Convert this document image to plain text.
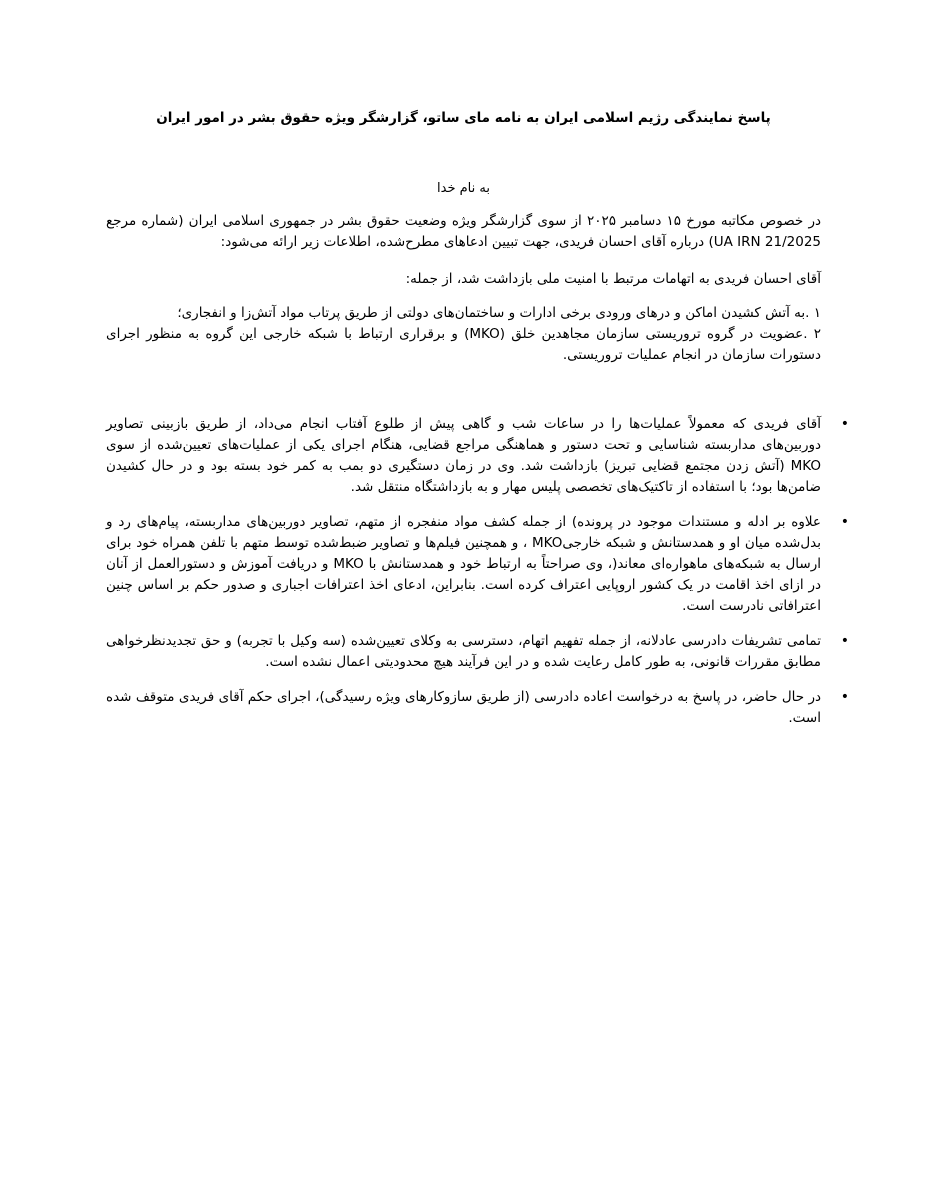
پاسخ نمایندگی رژیم اسلامی ایران به نامه مای ساتو، گزارشگر ویژه حقوق بشر در امور ایران
به نام خدا

در خصوص مکاتبه مورخ ۱۵ دسامبر ۲۰۲۵ از سوی گزارشگر ویژه وضعیت حقوق بشر در جمهوری اسلامی ایران (شماره مرجع UA IRN 21/2025) درباره آقای احسان فریدی، جهت تبیین ادعاهای مطرح‌شده، اطلاعات زیر ارائه می‌شود:

آقای احسان فریدی به اتهامات مرتبط با امنیت ملی بازداشت شد، از جمله:

۱ .به آتش کشیدن اماکن و درهای ورودی برخی ادارات و ساختمان‌های دولتی از طریق پرتاب مواد آتش‌زا و انفجاری؛

۲ .عضویت در گروه تروریستی سازمان مجاهدین خلق (MKO) و برقراری ارتباط با شبکه خارجی این گروه به منظور اجرای دستورات سازمان در انجام عملیات تروریستی.

•
آقای فریدی که معمولاً عملیات‌ها را در ساعات شب و گاهی پیش از طلوع آفتاب انجام می‌داد، از طریق بازبینی تصاویر دوربین‌های مداربسته شناسایی و تحت دستور و هماهنگی مراجع قضایی، هنگام اجرای یکی از عملیات‌های تعیین‌شده از سوی MKO (آتش زدن مجتمع قضایی تبریز) بازداشت شد. وی در زمان دستگیری دو بمب به کمر خود بسته بود و در حال کشیدن ضامن‌ها بود؛ با استفاده از تاکتیک‌های تخصصی پلیس مهار و به بازداشتگاه منتقل شد.
•
علاوه بر ادله و مستندات موجود در پرونده) از جمله کشف مواد منفجره از متهم، تصاویر دوربین‌های مداربسته، پیام‌های رد و بدل‌شده میان او و همدستانش و شبکه خارجیMKO ، و همچنین فیلم‌ها و تصاویر ضبط‌شده توسط متهم با تلفن همراه خود برای ارسال به شبکه‌های ماهواره‌ای معاند(، وی صراحتاً به ارتباط خود و همدستانش با MKO و دریافت آموزش و دستورالعمل از آنان در ازای اخذ اقامت در یک کشور اروپایی اعتراف کرده است. بنابراین، ادعای اخذ اعترافات اجباری و صدور حکم بر اساس چنین اعترافاتی نادرست است.
•
تمامی تشریفات دادرسی عادلانه، از جمله تفهیم اتهام، دسترسی به وکلای تعیین‌شده (سه وکیل با تجربه) و حق تجدیدنظرخواهی مطابق مقررات قانونی، به طور کامل رعایت شده و در این فرآیند هیچ محدودیتی اعمال نشده است.
•
در حال حاضر، در پاسخ به درخواست اعاده دادرسی (از طریق سازوکارهای ویژه رسیدگی)، اجرای حکم آقای فریدی متوقف شده است.
